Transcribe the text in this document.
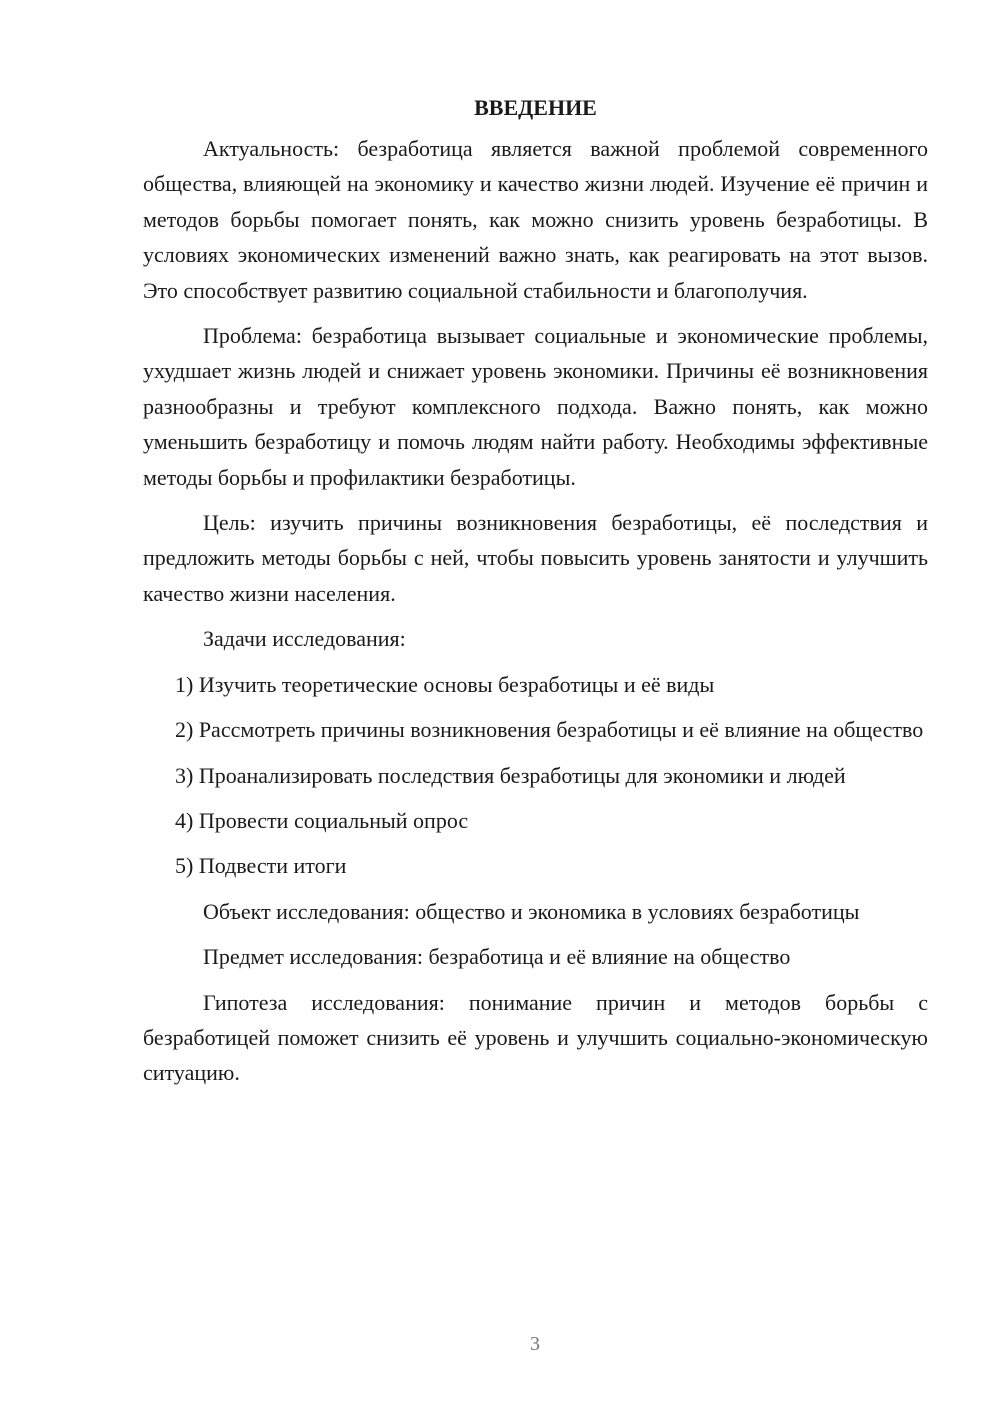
ВВЕДЕНИЕ

Актуальность: безработица является важной проблемой современного общества, влияющей на экономику и качество жизни людей. Изучение её причин и методов борьбы помогает понять, как можно снизить уровень безработицы. В условиях экономических изменений важно знать, как реагировать на этот вызов. Это способствует развитию социальной стабильности и благополучия.

Проблема: безработица вызывает социальные и экономические проблемы, ухудшает жизнь людей и снижает уровень экономики. Причины её возникновения разнообразны и требуют комплексного подхода. Важно понять, как можно уменьшить безработицу и помочь людям найти работу. Необходимы эффективные методы борьбы и профилактики безработицы.

Цель: изучить причины возникновения безработицы, её последствия и предложить методы борьбы с ней, чтобы повысить уровень занятости и улучшить качество жизни населения.

Задачи исследования:

1) Изучить теоретические основы безработицы и её виды

2) Рассмотреть причины возникновения безработицы и её влияние на общество

3) Проанализировать последствия безработицы для экономики и людей

4) Провести социальный опрос

5) Подвести итоги

Объект исследования: общество и экономика в условиях безработицы

Предмет исследования: безработица и её влияние на общество

Гипотеза исследования: понимание причин и методов борьбы с безработицей поможет снизить её уровень и улучшить социально-экономическую ситуацию.

3
